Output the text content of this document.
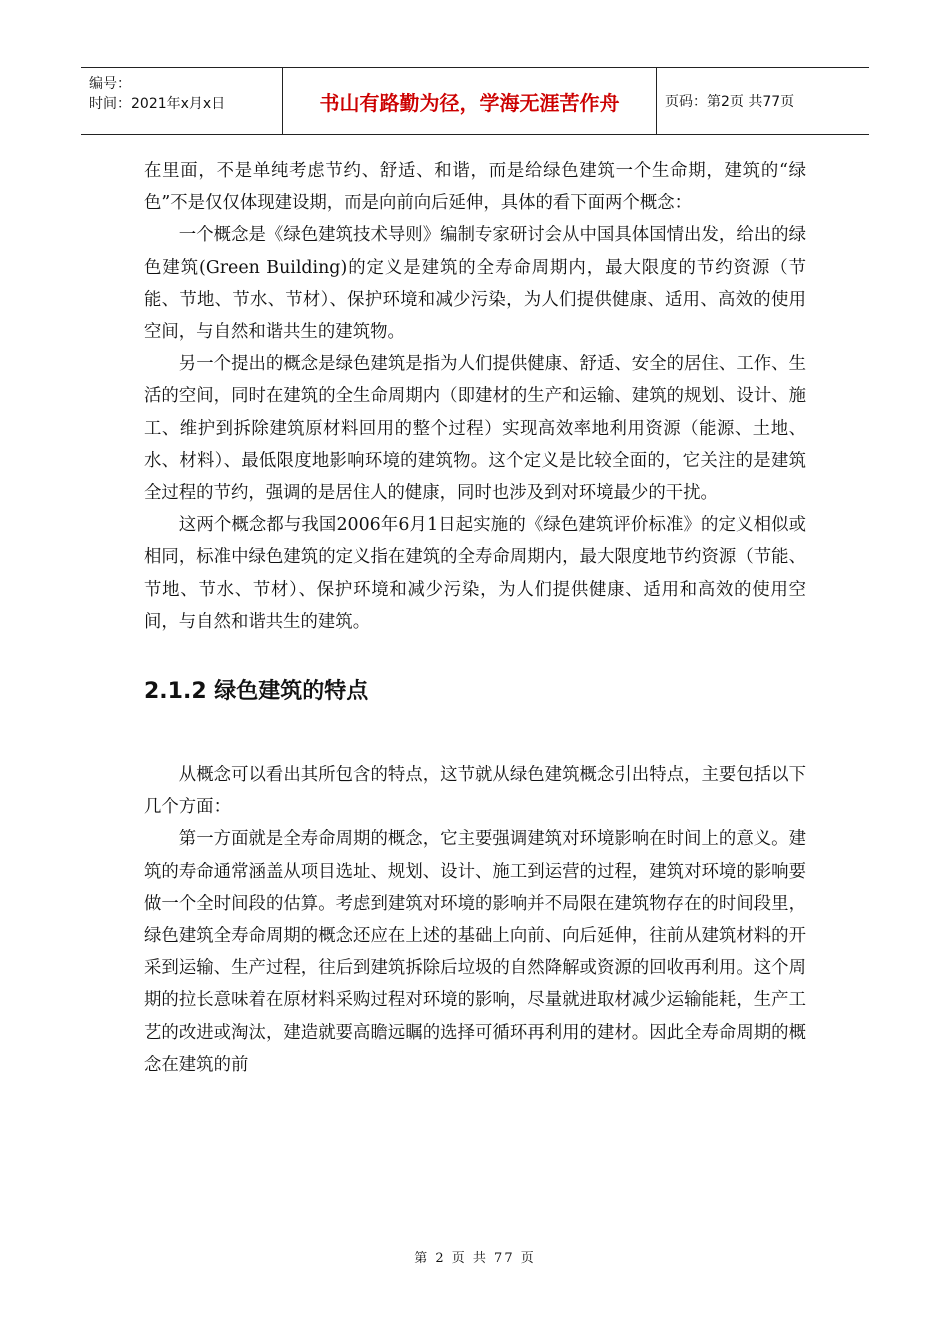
编号：
时间：2021年x月x日	书山有路勤为径，学海无涯苦作舟	页码：第2页 共77页

在里面，不是单纯考虑节约、舒适、和谐，而是给绿色建筑一个生命期，建筑的“绿色”不是仅仅体现建设期，而是向前向后延伸，具体的看下面两个概念：

一个概念是《绿色建筑技术导则》编制专家研讨会从中国具体国情出发，给出的绿色建筑(Green Building)的定义是建筑的全寿命周期内，最大限度的节约资源（节能、节地、节水、节材）、保护环境和减少污染，为人们提供健康、适用、高效的使用空间，与自然和谐共生的建筑物。

另一个提出的概念是绿色建筑是指为人们提供健康、舒适、安全的居住、工作、生活的空间，同时在建筑的全生命周期内（即建材的生产和运输、建筑的规划、设计、施工、维护到拆除建筑原材料回用的整个过程）实现高效率地利用资源（能源、土地、水、材料）、最低限度地影响环境的建筑物。这个定义是比较全面的，它关注的是建筑全过程的节约，强调的是居住人的健康，同时也涉及到对环境最少的干扰。

这两个概念都与我国2006年6月1日起实施的《绿色建筑评价标准》的定义相似或相同，标准中绿色建筑的定义指在建筑的全寿命周期内，最大限度地节约资源（节能、节地、节水、节材）、保护环境和减少污染，为人们提供健康、适用和高效的使用空间，与自然和谐共生的建筑。

2.1.2 绿色建筑的特点

从概念可以看出其所包含的特点，这节就从绿色建筑概念引出特点，主要包括以下几个方面：

第一方面就是全寿命周期的概念，它主要强调建筑对环境影响在时间上的意义。建筑的寿命通常涵盖从项目选址、规划、设计、施工到运营的过程，建筑对环境的影响要做一个全时间段的估算。考虑到建筑对环境的影响并不局限在建筑物存在的时间段里，绿色建筑全寿命周期的概念还应在上述的基础上向前、向后延伸，往前从建筑材料的开采到运输、生产过程，往后到建筑拆除后垃圾的自然降解或资源的回收再利用。这个周期的拉长意味着在原材料采购过程对环境的影响，尽量就进取材减少运输能耗，生产工艺的改进或淘汰，建造就要高瞻远瞩的选择可循环再利用的建材。因此全寿命周期的概念在建筑的前

第 2 页 共 77 页
